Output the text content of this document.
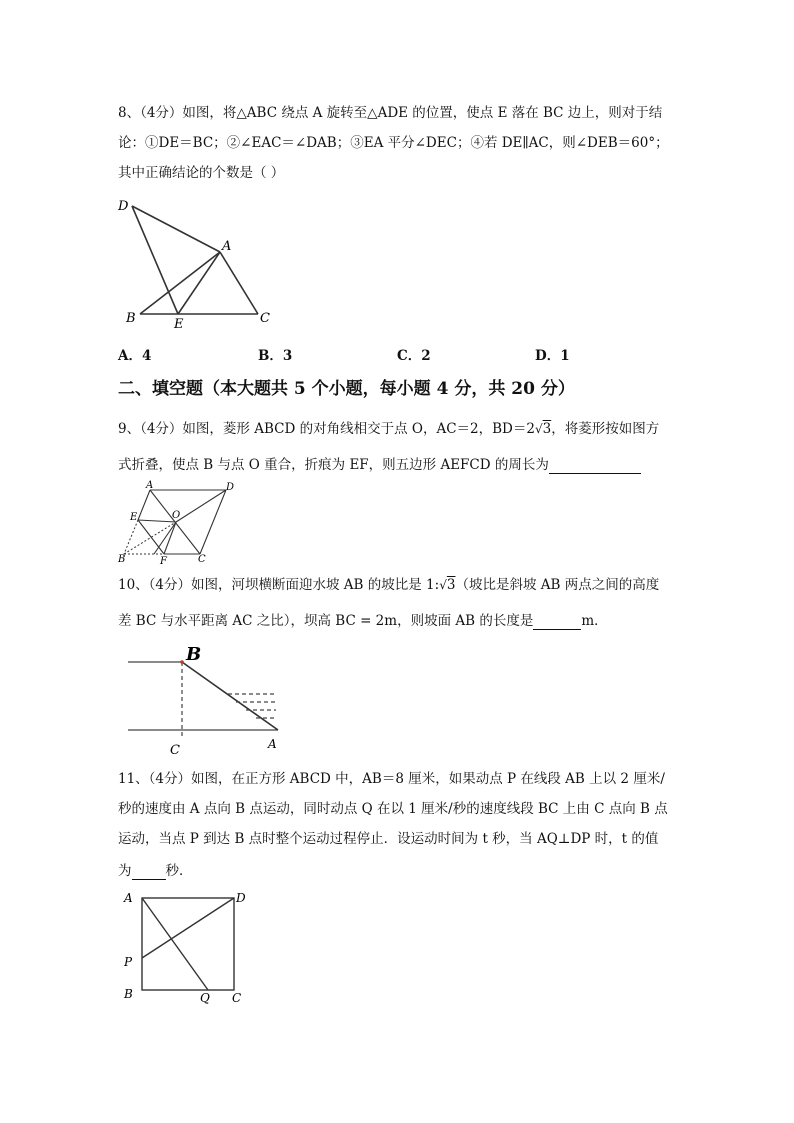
8、（4分）如图，将△ABC 绕点 A 旋转至△ADE 的位置，使点 E 落在 BC 边上，则对于结
论：①DE＝BC；②∠EAC＝∠DAB；③EA 平分∠DEC；④若 DE∥AC，则∠DEB＝60°；
其中正确结论的个数是（ ）
D
A
B	E	C
A．4	B．3	C．2	D．1
二、填空题（本大题共 5 个小题，每小题 4 分，共 20 分）
9、（4分）如图，菱形 ABCD 的对角线相交于点 O，AC＝2，BD＝2√3，将菱形按如图方
式折叠，使点 B 与点 O 重合，折痕为 EF，则五边形 AEFCD 的周长为
A	D
E	O
B	F	C
10、（4分）如图，河坝横断面迎水坡 AB 的坡比是 1:√3（坡比是斜坡 AB 两点之间的高度
差 BC 与水平距离 AC 之比），坝高 BC = 2m，则坡面 AB 的长度是	m．
B
C	A
11、（4分）如图，在正方形 ABCD 中，AB＝8 厘米，如果动点 P 在线段 AB 上以 2 厘米/
秒的速度由 A 点向 B 点运动，同时动点 Q 在以 1 厘米/秒的速度线段 BC 上由 C 点向 B 点
运动，当点 P 到达 B 点时整个运动过程停止．设运动时间为 t 秒，当 AQ⊥DP 时，t 的值
为	秒．
A	D
P
B	Q C
